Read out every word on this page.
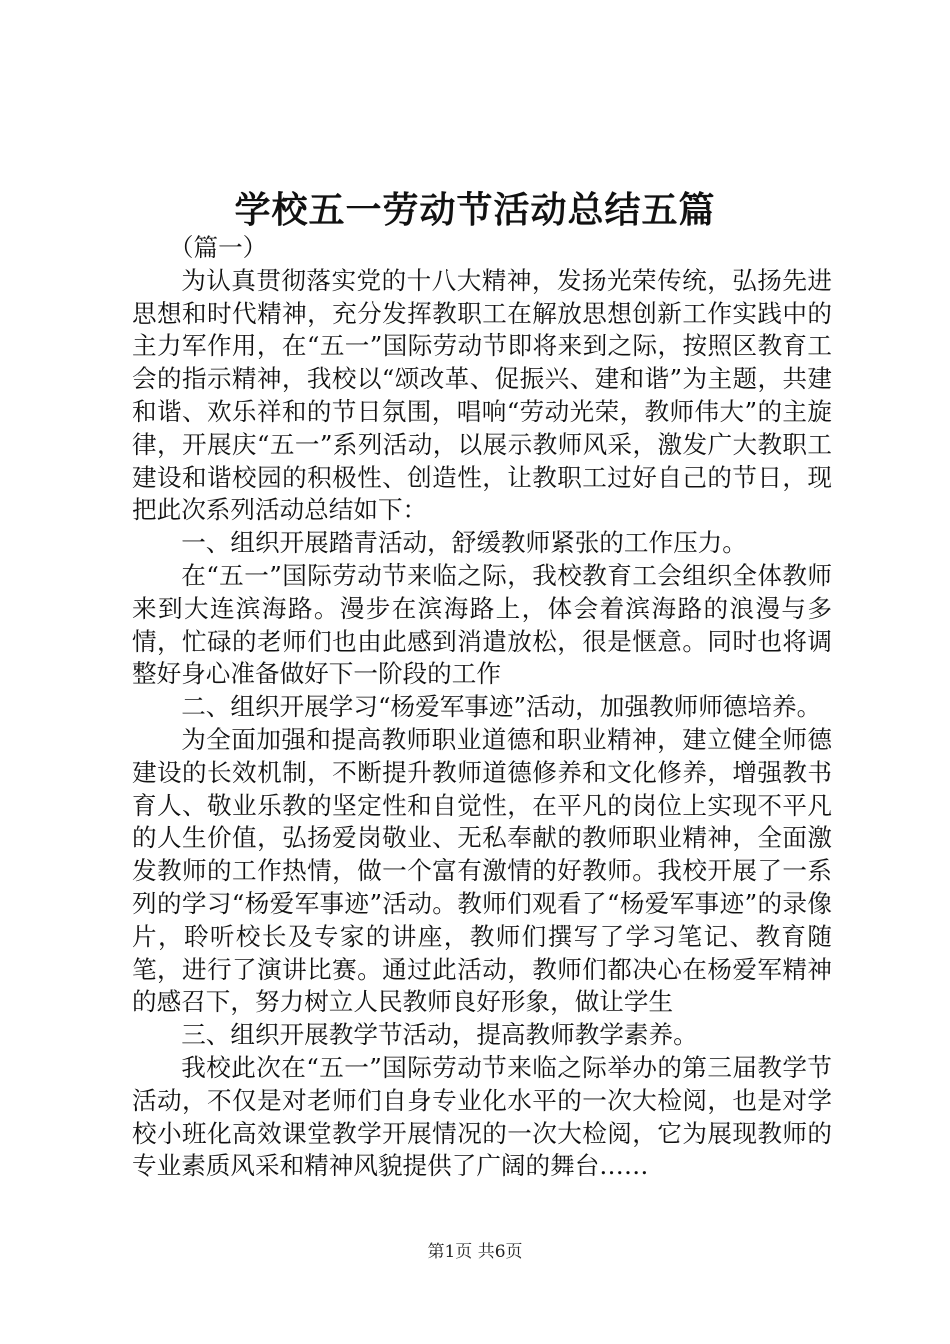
学校五一劳动节活动总结五篇

（篇一）

为认真贯彻落实党的十八大精神，发扬光荣传统，弘扬先进思想和时代精神，充分发挥教职工在解放思想创新工作实践中的主力军作用，在“五一”国际劳动节即将来到之际，按照区教育工会的指示精神，我校以“颂改革、促振兴、建和谐”为主题，共建和谐、欢乐祥和的节日氛围，唱响“劳动光荣，教师伟大”的主旋律，开展庆“五一”系列活动，以展示教师风采，激发广大教职工建设和谐校园的积极性、创造性，让教职工过好自己的节日，现把此次系列活动总结如下：

一、组织开展踏青活动，舒缓教师紧张的工作压力。

在“五一”国际劳动节来临之际，我校教育工会组织全体教师来到大连滨海路。漫步在滨海路上，体会着滨海路的浪漫与多情，忙碌的老师们也由此感到消遣放松，很是惬意。同时也将调整好身心准备做好下一阶段的工作

二、组织开展学习“杨爱军事迹”活动，加强教师师德培养。

为全面加强和提高教师职业道德和职业精神，建立健全师德建设的长效机制，不断提升教师道德修养和文化修养，增强教书育人、敬业乐教的坚定性和自觉性，在平凡的岗位上实现不平凡的人生价值，弘扬爱岗敬业、无私奉献的教师职业精神，全面激发教师的工作热情，做一个富有激情的好教师。我校开展了一系列的学习“杨爱军事迹”活动。教师们观看了“杨爱军事迹”的录像片，聆听校长及专家的讲座，教师们撰写了学习笔记、教育随笔，进行了演讲比赛。通过此活动，教师们都决心在杨爱军精神的感召下，努力树立人民教师良好形象，做让学生

三、组织开展教学节活动，提高教师教学素养。

我校此次在“五一”国际劳动节来临之际举办的第三届教学节活动，不仅是对老师们自身专业化水平的一次大检阅，也是对学校小班化高效课堂教学开展情况的一次大检阅，它为展现教师的专业素质风采和精神风貌提供了广阔的舞台……

第1页 共6页
